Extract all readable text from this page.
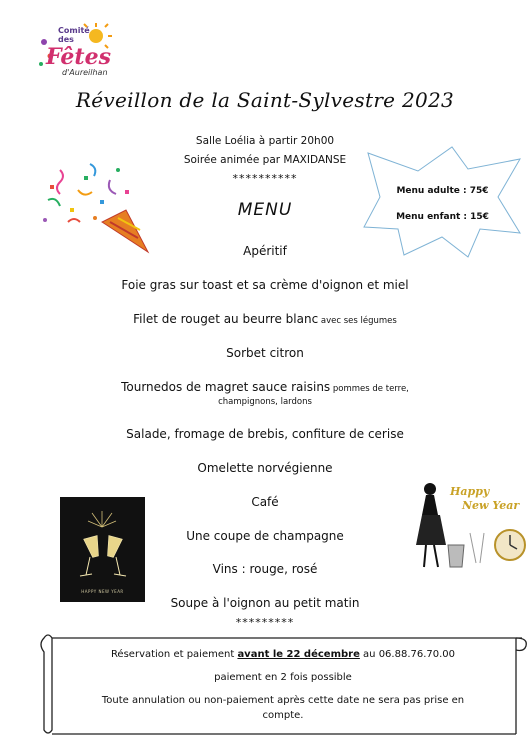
Comité
des
Fêtes
d'Aureilhan
Réveillon de la Saint-Sylvestre 2023
Salle Loélia à partir 20h00
Soirée animée par MAXIDANSE
**********
MENU
Menu adulte : 75€
Menu enfant : 15€
Apéritif
Foie gras sur toast et sa crème d'oignon et miel
Filet de rouget au beurre blanc avec ses légumes
Sorbet citron
Tournedos de magret sauce raisins pommes de terre,
champignons, lardons
Salade, fromage de brebis, confiture de cerise
Omelette norvégienne
Café
Une coupe de champagne
Vins : rouge, rosé
Soupe à l'oignon au petit matin
*********
HAPPY NEW YEAR
Happy
New Year
Réservation et paiement avant le 22 décembre au 06.88.76.70.00
paiement en 2 fois possible
Toute annulation ou non-paiement après cette date ne sera pas prise en
compte.
